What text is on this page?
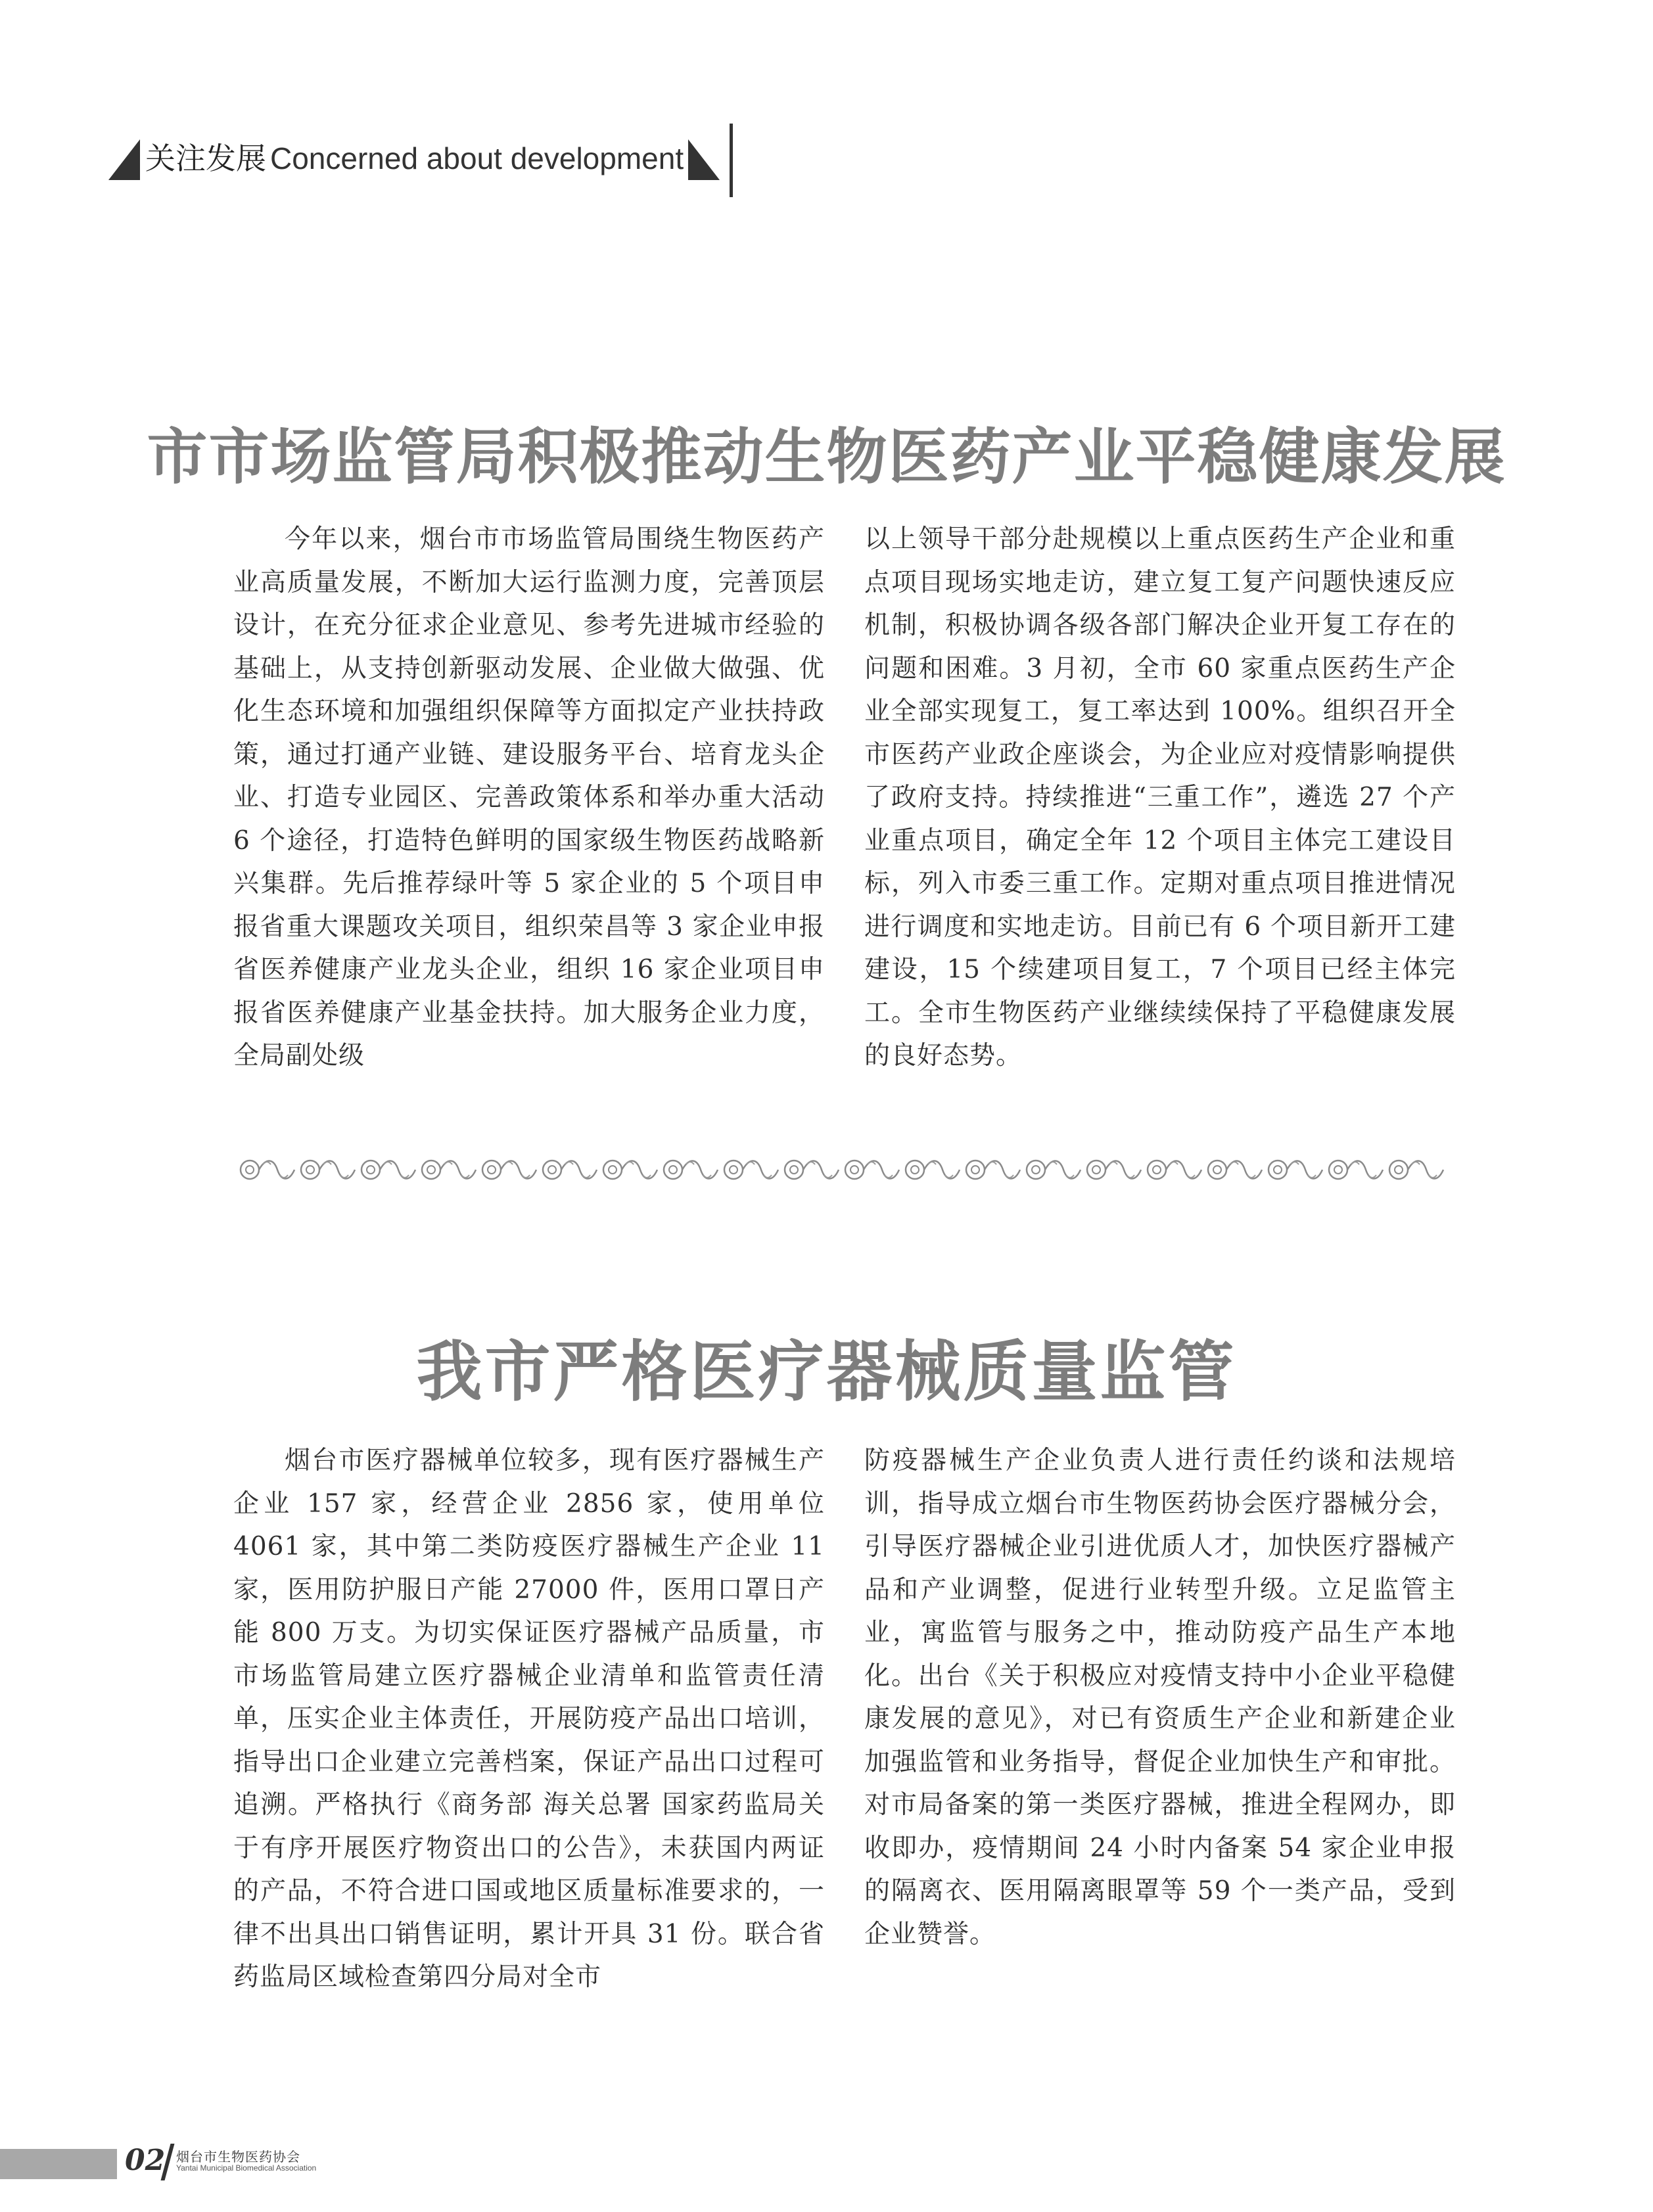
关注发展 Concerned about development
市市场监管局积极推动生物医药产业平稳健康发展

今年以来，烟台市市场监管局围绕生物医药产业高质量发展，不断加大运行监测力度，完善顶层设计，在充分征求企业意见、参考先进城市经验的基础上，从支持创新驱动发展、企业做大做强、优化生态环境和加强组织保障等方面拟定产业扶持政策，通过打通产业链、建设服务平台、培育龙头企业、打造专业园区、完善政策体系和举办重大活动 6 个途径，打造特色鲜明的国家级生物医药战略新兴集群。先后推荐绿叶等 5 家企业的 5 个项目申报省重大课题攻关项目，组织荣昌等 3 家企业申报省医养健康产业龙头企业，组织 16 家企业项目申报省医养健康产业基金扶持。加大服务企业力度，全局副处级

以上领导干部分赴规模以上重点医药生产企业和重点项目现场实地走访，建立复工复产问题快速反应机制，积极协调各级各部门解决企业开复工存在的问题和困难。3 月初，全市 60 家重点医药生产企业全部实现复工，复工率达到 100%。组织召开全市医药产业政企座谈会，为企业应对疫情影响提供了政府支持。持续推进“三重工作”，遴选 27 个产业重点项目，确定全年 12 个项目主体完工建设目标，列入市委三重工作。定期对重点项目推进情况进行调度和实地走访。目前已有 6 个项目新开工建建设，15 个续建项目复工，7 个项目已经主体完工。全市生物医药产业继续续保持了平稳健康发展的良好态势。

我市严格医疗器械质量监管

烟台市医疗器械单位较多，现有医疗器械生产企业 157 家，经营企业 2856 家，使用单位 4061 家，其中第二类防疫医疗器械生产企业 11 家，医用防护服日产能 27000 件，医用口罩日产能 800 万支。为切实保证医疗器械产品质量，市市场监管局建立医疗器械企业清单和监管责任清单，压实企业主体责任，开展防疫产品出口培训，指导出口企业建立完善档案，保证产品出口过程可追溯。严格执行《商务部 海关总署 国家药监局关于有序开展医疗物资出口的公告》，未获国内两证的产品，不符合进口国或地区质量标准要求的，一律不出具出口销售证明，累计开具 31 份。联合省药监局区域检查第四分局对全市

防疫器械生产企业负责人进行责任约谈和法规培训，指导成立烟台市生物医药协会医疗器械分会，引导医疗器械企业引进优质人才，加快医疗器械产品和产业调整，促进行业转型升级。立足监管主业，寓监管与服务之中，推动防疫产品生产本地化。出台《关于积极应对疫情支持中小企业平稳健康发展的意见》，对已有资质生产企业和新建企业加强监管和业务指导，督促企业加快生产和审批。对市局备案的第一类医疗器械，推进全程网办，即收即办，疫情期间 24 小时内备案 54 家企业申报的隔离衣、医用隔离眼罩等 59 个一类产品，受到企业赞誉。

02 烟台市生物医药协会
Yantai Municipal Biomedical Association
